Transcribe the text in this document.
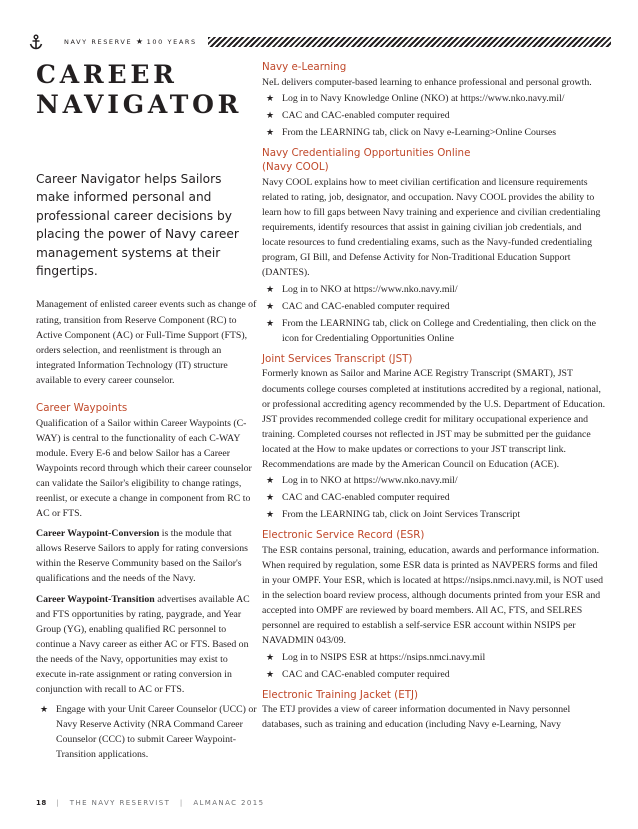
NAVY RESERVE ★ 100 YEARS
CAREER
NAVIGATOR

Career Navigator helps Sailors make informed personal and professional career decisions by placing the power of Navy career management systems at their fingertips.

Management of enlisted career events such as change of rating, transition from Reserve Component (RC) to Active Component (AC) or Full-Time Support (FTS), orders selection, and reenlistment is through an integrated Information Technology (IT) structure available to every career counselor.

Career Waypoints

Qualification of a Sailor within Career Waypoints (C-WAY) is central to the functionality of each C-WAY module. Every E-6 and below Sailor has a Career Waypoints record through which their career counselor can validate the Sailor's eligibility to change ratings, reenlist, or execute a change in component from RC to AC or FTS.

Career Waypoint-Conversion is the module that allows Reserve Sailors to apply for rating conversions within the Reserve Community based on the Sailor's qualifications and the needs of the Navy.

Career Waypoint-Transition advertises available AC and FTS opportunities by rating, paygrade, and Year Group (YG), enabling qualified RC personnel to continue a Navy career as either AC or FTS. Based on the needs of the Navy, opportunities may exist to execute in-rate assignment or rating conversion in conjunction with recall to AC or FTS.

★ Engage with your Unit Career Counselor (UCC) or Navy Reserve Activity (NRA Command Career Counselor (CCC) to submit Career Waypoint-Transition applications.
Navy e-Learning

NeL delivers computer-based learning to enhance professional and personal growth.

★ Log in to Navy Knowledge Online (NKO) at https://www.nko.navy.mil/
★ CAC and CAC-enabled computer required
★ From the LEARNING tab, click on Navy e-Learning>Online Courses
Navy Credentialing Opportunities Online
(Navy COOL)

Navy COOL explains how to meet civilian certification and licensure requirements related to rating, job, designator, and occupation. Navy COOL provides the ability to learn how to fill gaps between Navy training and experience and civilian credentialing requirements, identify resources that assist in gaining civilian job credentials, and locate resources to fund credentialing exams, such as the Navy-funded credentialing program, GI Bill, and Defense Activity for Non-Traditional Education Support (DANTES).

★ Log in to NKO at https://www.nko.navy.mil/
★ CAC and CAC-enabled computer required
★ From the LEARNING tab, click on College and Credentialing, then click on the icon for Credentialing Opportunities Online
Joint Services Transcript (JST)

Formerly known as Sailor and Marine ACE Registry Transcript (SMART), JST documents college courses completed at institutions accredited by a regional, national, or professional accrediting agency recommended by the U.S. Department of Education. JST provides recommended college credit for military occupational experience and training. Completed courses not reflected in JST may be submitted per the guidance located at the How to make updates or corrections to your JST transcript link. Recommendations are made by the American Council on Education (ACE).

★ Log in to NKO at https://www.nko.navy.mil/
★ CAC and CAC-enabled computer required
★ From the LEARNING tab, click on Joint Services Transcript
Electronic Service Record (ESR)

The ESR contains personal, training, education, awards and performance information. When required by regulation, some ESR data is printed as NAVPERS forms and filed in your OMPF. Your ESR, which is located at https://nsips.nmci.navy.mil, is NOT used in the selection board review process, although documents printed from your ESR and accepted into OMPF are reviewed by board members. All AC, FTS, and SELRES personnel are required to establish a self-service ESR account within NSIPS per NAVADMIN 043/09.

★ Log in to NSIPS ESR at https://nsips.nmci.navy.mil
★ CAC and CAC-enabled computer required
Electronic Training Jacket (ETJ)

The ETJ provides a view of career information documented in Navy personnel databases, such as training and education (including Navy e-Learning, Navy

18 | THE NAVY RESERVIST | ALMANAC 2015
